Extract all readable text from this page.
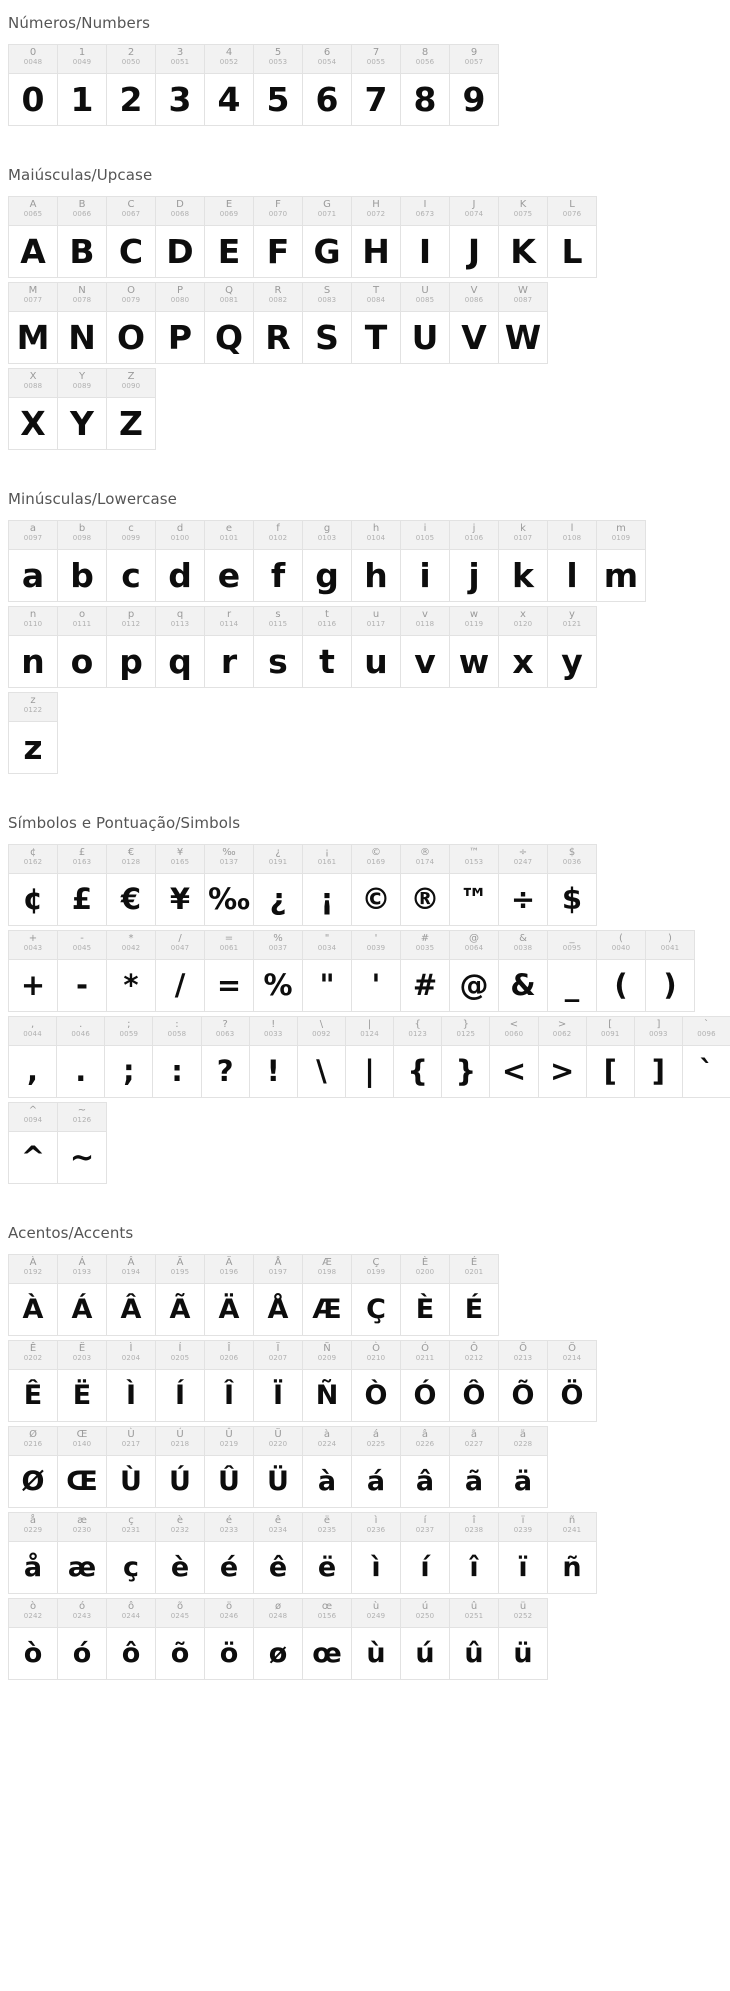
Números/Numbers
0
0048
0
1
0049
1
2
0050
2
3
0051
3
4
0052
4
5
0053
5
6
0054
6
7
0055
7
8
0056
8
9
0057
9
Maiúsculas/Upcase
A
0065
A
B
0066
B
C
0067
C
D
0068
D
E
0069
E
F
0070
F
G
0071
G
H
0072
H
I
0673
I
J
0074
J
K
0075
K
L
0076
L
M
0077
M
N
0078
N
O
0079
O
P
0080
P
Q
0081
Q
R
0082
R
S
0083
S
T
0084
T
U
0085
U
V
0086
V
W
0087
W
X
0088
X
Y
0089
Y
Z
0090
Z
Minúsculas/Lowercase
a
0097
a
b
0098
b
c
0099
c
d
0100
d
e
0101
e
f
0102
f
g
0103
g
h
0104
h
i
0105
i
j
0106
j
k
0107
k
l
0108
l
m
0109
m
n
0110
n
o
0111
o
p
0112
p
q
0113
q
r
0114
r
s
0115
s
t
0116
t
u
0117
u
v
0118
v
w
0119
w
x
0120
x
y
0121
y
z
0122
z
Símbolos e Pontuação/Simbols
¢
0162
¢
£
0163
£
€
0128
€
¥
0165
¥
‰
0137
‰
¿
0191
¿
¡
0161
¡
©
0169
©
®
0174
®
™
0153
™
÷
0247
÷
$
0036
$
+
0043
+
-
0045
-
*
0042
*
/
0047
/
=
0061
=
%
0037
%
"
0034
"
'
0039
'
#
0035
#
@
0064
@
&
0038
&
_
0095
_
(
0040
(
)
0041
)
,
0044
,
.
0046
.
;
0059
;
:
0058
:
?
0063
?
!
0033
!
\
0092
\
|
0124
|
{
0123
{
}
0125
}
<
0060
<
>
0062
>
[
0091
[
]
0093
]
`
0096
`
^
0094
^
~
0126
~
Acentos/Accents
À
0192
À
Á
0193
Á
Â
0194
Â
Ã
0195
Ã
Ä
0196
Ä
Å
0197
Å
Æ
0198
Æ
Ç
0199
Ç
È
0200
È
É
0201
É
Ê
0202
Ê
Ë
0203
Ë
Ì
0204
Ì
Í
0205
Í
Î
0206
Î
Ï
0207
Ï
Ñ
0209
Ñ
Ò
0210
Ò
Ó
0211
Ó
Ô
0212
Ô
Õ
0213
Õ
Ö
0214
Ö
Ø
0216
Ø
Œ
0140
Œ
Ù
0217
Ù
Ú
0218
Ú
Û
0219
Û
Ü
0220
Ü
à
0224
à
á
0225
á
â
0226
â
ã
0227
ã
ä
0228
ä
å
0229
å
æ
0230
æ
ç
0231
ç
è
0232
è
é
0233
é
ê
0234
ê
ë
0235
ë
ì
0236
ì
í
0237
í
î
0238
î
ï
0239
ï
ñ
0241
ñ
ò
0242
ò
ó
0243
ó
ô
0244
ô
õ
0245
õ
ö
0246
ö
ø
0248
ø
œ
0156
œ
ù
0249
ù
ú
0250
ú
û
0251
û
ü
0252
ü
